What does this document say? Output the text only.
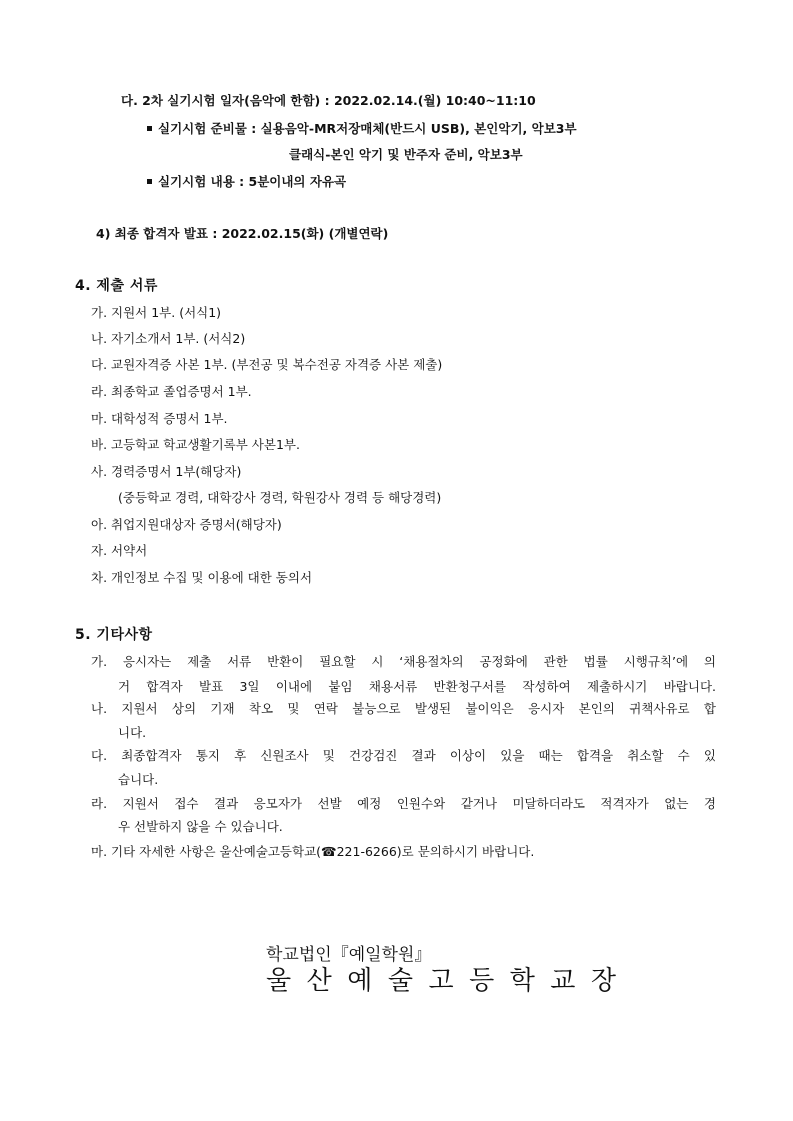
다. 2차 실기시험 일자(음악에 한함) : 2022.02.14.(월) 10:40~11:10
실기시험 준비물 : 실용음악-MR저장매체(반드시 USB), 본인악기, 악보3부
클래식-본인 악기 및 반주자 준비, 악보3부
실기시험 내용 : 5분이내의 자유곡
4) 최종 합격자 발표 : 2022.02.15(화) (개별연락)
4. 제출 서류
가. 지원서 1부. (서식1)
나. 자기소개서 1부. (서식2)
다. 교원자격증 사본 1부. (부전공 및 복수전공 자격증 사본 제출)
라. 최종학교 졸업증명서 1부.
마. 대학성적 증명서 1부.
바. 고등학교 학교생활기록부 사본1부.
사. 경력증명서 1부(해당자)
(중등학교 경력, 대학강사 경력, 학원강사 경력 등 해당경력)
아. 취업지원대상자 증명서(해당자)
자. 서약서
차. 개인정보 수집 및 이용에 대한 동의서
5. 기타사항
가. 응시자는 제출 서류 반환이 필요할 시 ‘채용절차의 공정화에 관한 법률 시행규칙’에 의
거 합격자 발표 3일 이내에 붙임 채용서류 반환청구서를 작성하여 제출하시기 바랍니다.
나. 지원서 상의 기재 착오 및 연락 불능으로 발생된 불이익은 응시자 본인의 귀책사유로 합
니다.
다. 최종합격자 통지 후 신원조사 및 건강검진 결과 이상이 있을 때는 합격을 취소할 수 있
습니다.
라. 지원서 접수 결과 응모자가 선발 예정 인원수와 같거나 미달하더라도 적격자가 없는 경
우 선발하지 않을 수 있습니다.
마. 기타 자세한 사항은 울산예술고등학교(☎221-6266)로 문의하시기 바랍니다.
학교법인『예일학원』
울산예술고등학교장
